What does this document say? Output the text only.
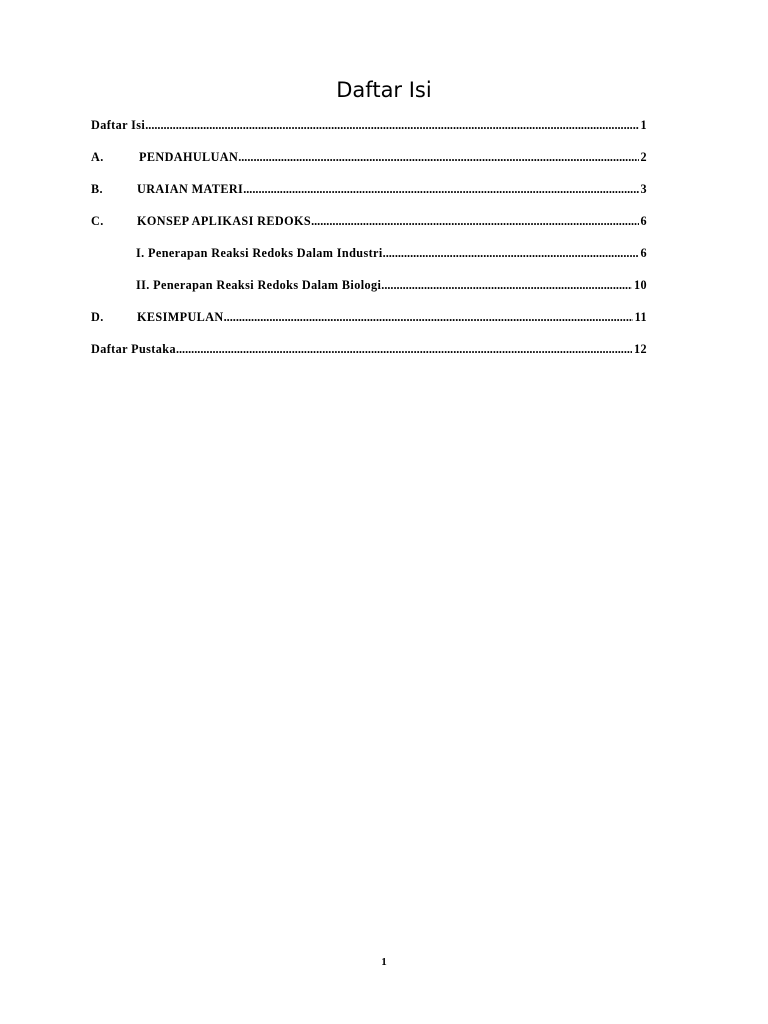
Daftar Isi
Daftar Isi .....	1
A.	PENDAHULUAN .....	2
B.	URAIAN MATERI .....	3
C.	KONSEP APLIKASI REDOKS .....	6
I. Penerapan Reaksi Redoks Dalam Industri .....	6
II. Penerapan Reaksi Redoks Dalam Biologi .....	10
D.	KESIMPULAN .....	11
Daftar Pustaka .....	12
1
